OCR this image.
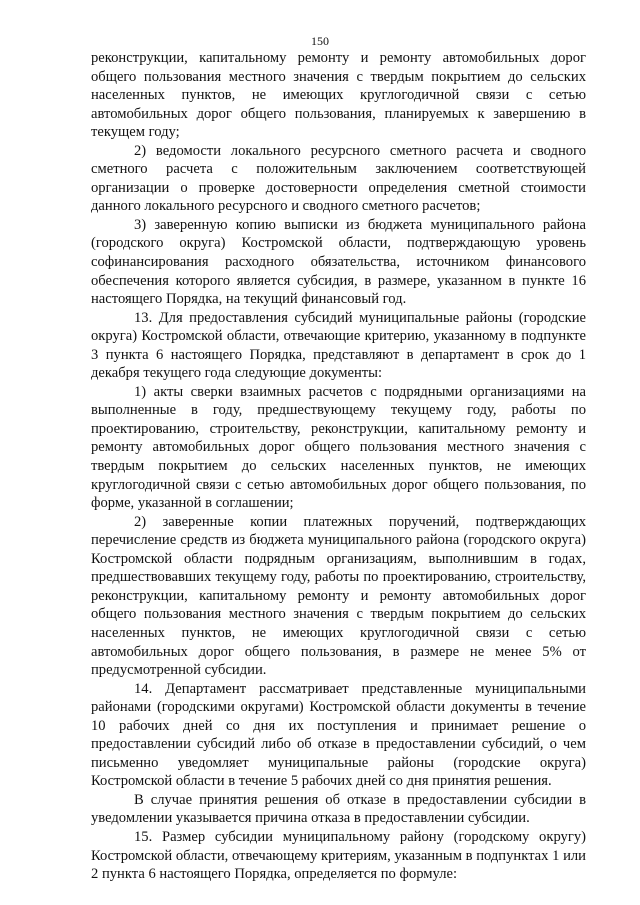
150

реконструкции, капитальному ремонту и ремонту автомобильных дорог общего пользования местного значения с твердым покрытием до сельских населенных пунктов, не имеющих круглогодичной связи с сетью автомобильных дорог общего пользования, планируемых к завершению в текущем году;

2) ведомости локального ресурсного сметного расчета и сводного сметного расчета с положительным заключением соответствующей организации о проверке достоверности определения сметной стоимости данного локального ресурсного и сводного сметного расчетов;

3) заверенную копию выписки из бюджета муниципального района (городского округа) Костромской области, подтверждающую уровень софинансирования расходного обязательства, источником финансового обеспечения которого является субсидия, в размере, указанном в пункте 16 настоящего Порядка, на текущий финансовый год.

13. Для предоставления субсидий муниципальные районы (городские округа) Костромской области, отвечающие критерию, указанному в подпункте 3 пункта 6 настоящего Порядка, представляют в департамент в срок до 1 декабря текущего года следующие документы:

1) акты сверки взаимных расчетов с подрядными организациями на выполненные в году, предшествующему текущему году, работы по проектированию, строительству, реконструкции, капитальному ремонту и ремонту автомобильных дорог общего пользования местного значения с твердым покрытием до сельских населенных пунктов, не имеющих круглогодичной связи с сетью автомобильных дорог общего пользования, по форме, указанной в соглашении;

2) заверенные копии платежных поручений, подтверждающих перечисление средств из бюджета муниципального района (городского округа) Костромской области подрядным организациям, выполнившим в годах, предшествовавших текущему году, работы по проектированию, строительству, реконструкции, капитальному ремонту и ремонту автомобильных дорог общего пользования местного значения с твердым покрытием до сельских населенных пунктов, не имеющих круглогодичной связи с сетью автомобильных дорог общего пользования, в размере не менее 5% от предусмотренной субсидии.

14. Департамент рассматривает представленные муниципальными районами (городскими округами) Костромской области документы в течение 10 рабочих дней со дня их поступления и принимает решение о предоставлении субсидий либо об отказе в предоставлении субсидий, о чем письменно уведомляет муниципальные районы (городские округа) Костромской области в течение 5 рабочих дней со дня принятия решения.

В случае принятия решения об отказе в предоставлении субсидии в уведомлении указывается причина отказа в предоставлении субсидии.

15. Размер субсидии муниципальному району (городскому округу) Костромской области, отвечающему критериям, указанным в подпунктах 1 или 2 пункта 6 настоящего Порядка, определяется по формуле:
